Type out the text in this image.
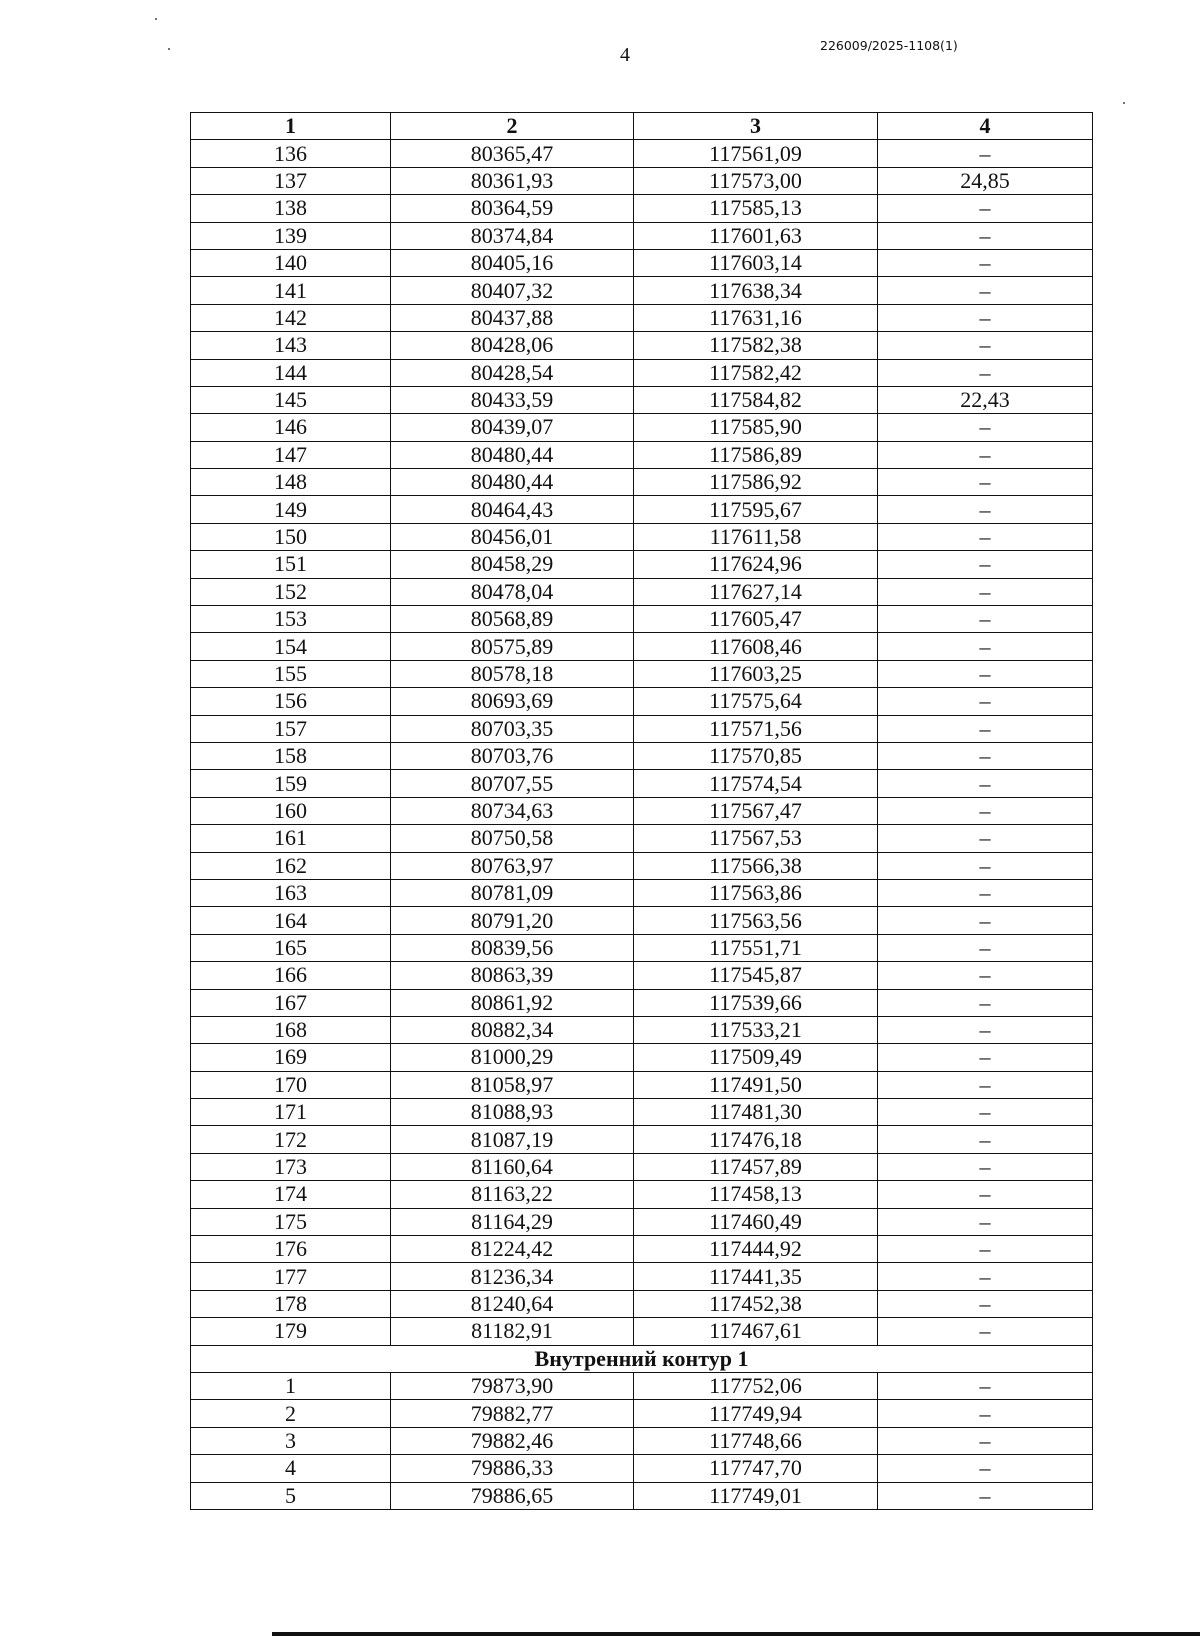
4	226009/2025-1108(1)
1	2	3	4
136	80365,47	117561,09	–
137	80361,93	117573,00	24,85
138	80364,59	117585,13	–
139	80374,84	117601,63	–
140	80405,16	117603,14	–
141	80407,32	117638,34	–
142	80437,88	117631,16	–
143	80428,06	117582,38	–
144	80428,54	117582,42	–
145	80433,59	117584,82	22,43
146	80439,07	117585,90	–
147	80480,44	117586,89	–
148	80480,44	117586,92	–
149	80464,43	117595,67	–
150	80456,01	117611,58	–
151	80458,29	117624,96	–
152	80478,04	117627,14	–
153	80568,89	117605,47	–
154	80575,89	117608,46	–
155	80578,18	117603,25	–
156	80693,69	117575,64	–
157	80703,35	117571,56	–
158	80703,76	117570,85	–
159	80707,55	117574,54	–
160	80734,63	117567,47	–
161	80750,58	117567,53	–
162	80763,97	117566,38	–
163	80781,09	117563,86	–
164	80791,20	117563,56	–
165	80839,56	117551,71	–
166	80863,39	117545,87	–
167	80861,92	117539,66	–
168	80882,34	117533,21	–
169	81000,29	117509,49	–
170	81058,97	117491,50	–
171	81088,93	117481,30	–
172	81087,19	117476,18	–
173	81160,64	117457,89	–
174	81163,22	117458,13	–
175	81164,29	117460,49	–
176	81224,42	117444,92	–
177	81236,34	117441,35	–
178	81240,64	117452,38	–
179	81182,91	117467,61	–
Внутренний контур 1			
1	79873,90	117752,06	–
2	79882,77	117749,94	–
3	79882,46	117748,66	–
4	79886,33	117747,70	–
5	79886,65	117749,01	–
